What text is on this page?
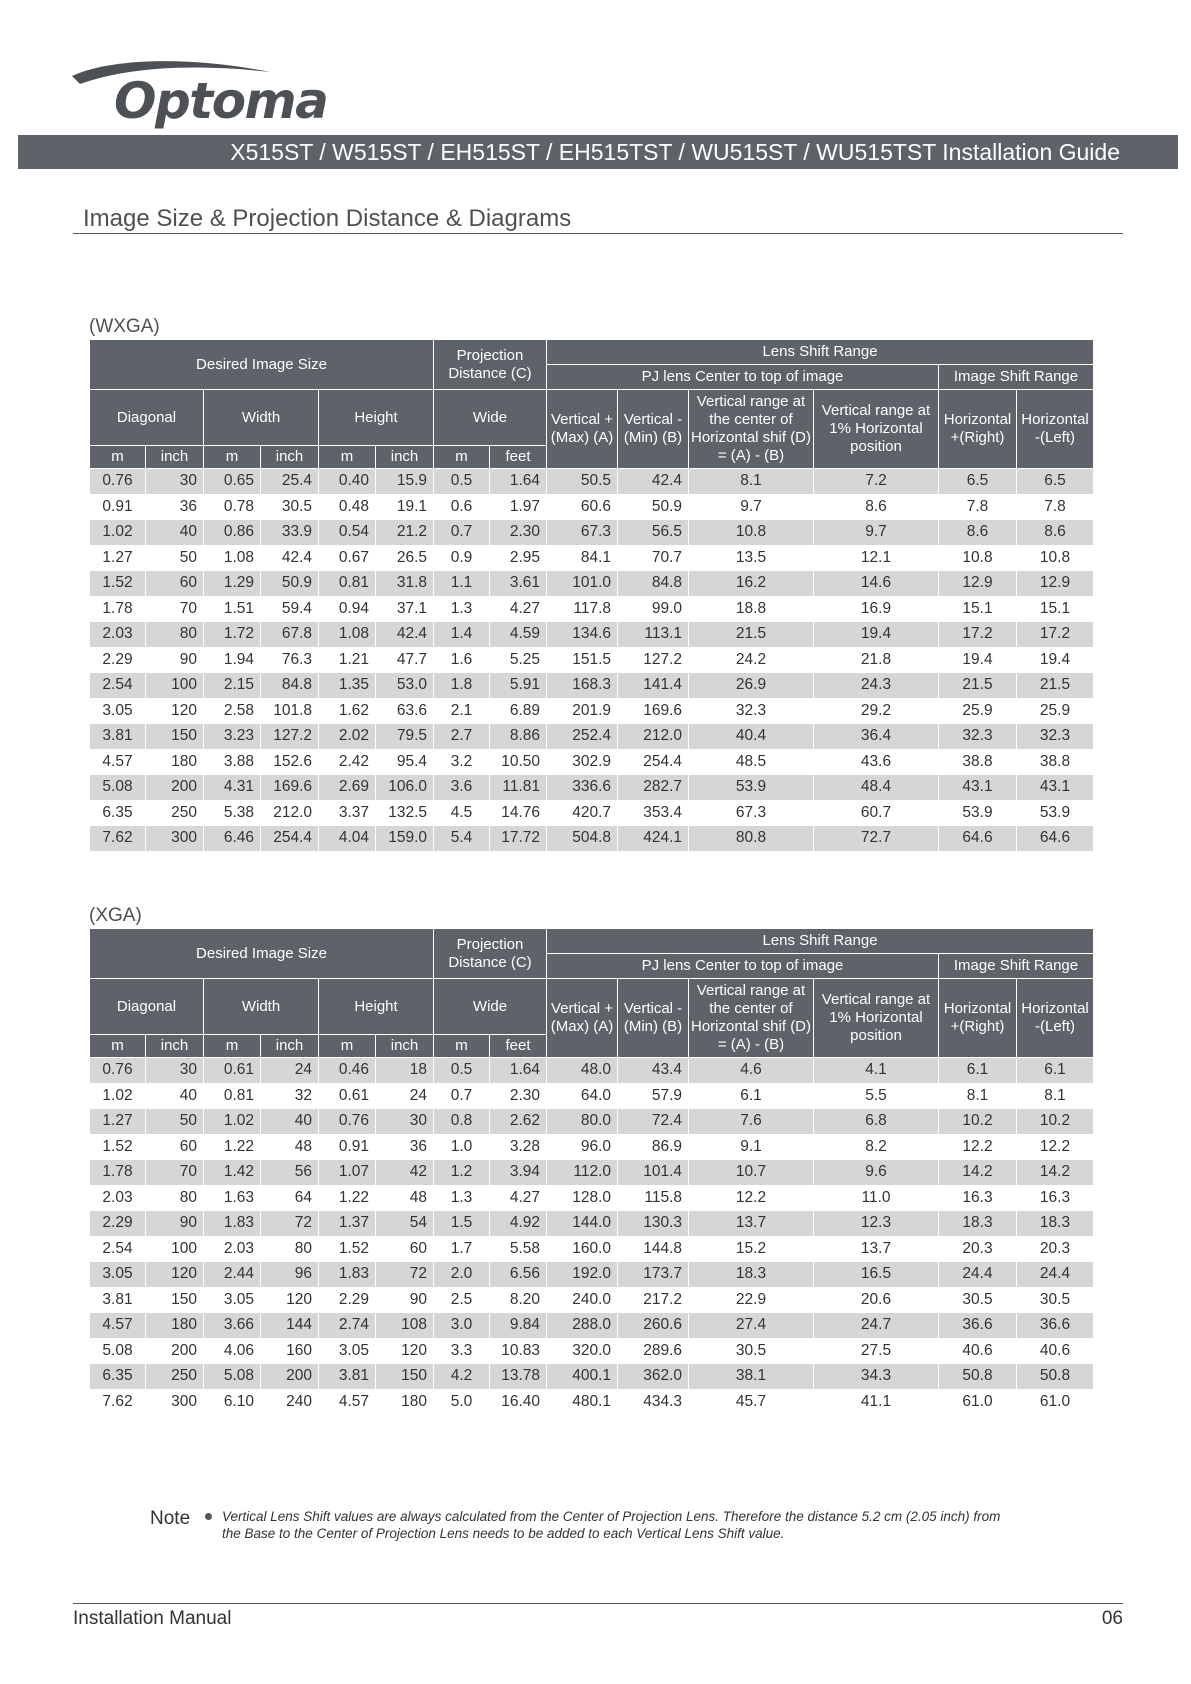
Optoma
X515ST / W515ST / EH515ST / EH515TST / WU515ST / WU515TST Installation Guide
Image Size & Projection Distance & Diagrams
(WXGA)
Desired Image Size						Projection Distance (C)		Lens Shift Range					
								PJ lens Center to top of image				Image Shift Range	
Diagonal		Width		Height		Wide		Vertical + (Max) (A)	Vertical - (Min) (B)	Vertical range at the center of Horizontal shif (D) = (A) - (B)	Vertical range at 1% Horizontal position	Horizontal +(Right)	Horizontal -(Left)
m	inch	m	inch	m	inch	m	feet						
0.76	30	0.65	25.4	0.40	15.9	0.5	1.64	50.5	42.4	8.1	7.2	6.5	6.5
0.91	36	0.78	30.5	0.48	19.1	0.6	1.97	60.6	50.9	9.7	8.6	7.8	7.8
1.02	40	0.86	33.9	0.54	21.2	0.7	2.30	67.3	56.5	10.8	9.7	8.6	8.6
1.27	50	1.08	42.4	0.67	26.5	0.9	2.95	84.1	70.7	13.5	12.1	10.8	10.8
1.52	60	1.29	50.9	0.81	31.8	1.1	3.61	101.0	84.8	16.2	14.6	12.9	12.9
1.78	70	1.51	59.4	0.94	37.1	1.3	4.27	117.8	99.0	18.8	16.9	15.1	15.1
2.03	80	1.72	67.8	1.08	42.4	1.4	4.59	134.6	113.1	21.5	19.4	17.2	17.2
2.29	90	1.94	76.3	1.21	47.7	1.6	5.25	151.5	127.2	24.2	21.8	19.4	19.4
2.54	100	2.15	84.8	1.35	53.0	1.8	5.91	168.3	141.4	26.9	24.3	21.5	21.5
3.05	120	2.58	101.8	1.62	63.6	2.1	6.89	201.9	169.6	32.3	29.2	25.9	25.9
3.81	150	3.23	127.2	2.02	79.5	2.7	8.86	252.4	212.0	40.4	36.4	32.3	32.3
4.57	180	3.88	152.6	2.42	95.4	3.2	10.50	302.9	254.4	48.5	43.6	38.8	38.8
5.08	200	4.31	169.6	2.69	106.0	3.6	11.81	336.6	282.7	53.9	48.4	43.1	43.1
6.35	250	5.38	212.0	3.37	132.5	4.5	14.76	420.7	353.4	67.3	60.7	53.9	53.9
7.62	300	6.46	254.4	4.04	159.0	5.4	17.72	504.8	424.1	80.8	72.7	64.6	64.6
(XGA)
Desired Image Size						Projection Distance (C)		Lens Shift Range					
								PJ lens Center to top of image				Image Shift Range	
Diagonal		Width		Height		Wide		Vertical + (Max) (A)	Vertical - (Min) (B)	Vertical range at the center of Horizontal shif (D) = (A) - (B)	Vertical range at 1% Horizontal position	Horizontal +(Right)	Horizontal -(Left)
m	inch	m	inch	m	inch	m	feet						
0.76	30	0.61	24	0.46	18	0.5	1.64	48.0	43.4	4.6	4.1	6.1	6.1
1.02	40	0.81	32	0.61	24	0.7	2.30	64.0	57.9	6.1	5.5	8.1	8.1
1.27	50	1.02	40	0.76	30	0.8	2.62	80.0	72.4	7.6	6.8	10.2	10.2
1.52	60	1.22	48	0.91	36	1.0	3.28	96.0	86.9	9.1	8.2	12.2	12.2
1.78	70	1.42	56	1.07	42	1.2	3.94	112.0	101.4	10.7	9.6	14.2	14.2
2.03	80	1.63	64	1.22	48	1.3	4.27	128.0	115.8	12.2	11.0	16.3	16.3
2.29	90	1.83	72	1.37	54	1.5	4.92	144.0	130.3	13.7	12.3	18.3	18.3
2.54	100	2.03	80	1.52	60	1.7	5.58	160.0	144.8	15.2	13.7	20.3	20.3
3.05	120	2.44	96	1.83	72	2.0	6.56	192.0	173.7	18.3	16.5	24.4	24.4
3.81	150	3.05	120	2.29	90	2.5	8.20	240.0	217.2	22.9	20.6	30.5	30.5
4.57	180	3.66	144	2.74	108	3.0	9.84	288.0	260.6	27.4	24.7	36.6	36.6
5.08	200	4.06	160	3.05	120	3.3	10.83	320.0	289.6	30.5	27.5	40.6	40.6
6.35	250	5.08	200	3.81	150	4.2	13.78	400.1	362.0	38.1	34.3	50.8	50.8
7.62	300	6.10	240	4.57	180	5.0	16.40	480.1	434.3	45.7	41.1	61.0	61.0
Note Vertical Lens Shift values are always calculated from the Center of Projection Lens. Therefore the distance 5.2 cm (2.05 inch) from the Base to the Center of Projection Lens needs to be added to each Vertical Lens Shift value.
Installation Manual	06
